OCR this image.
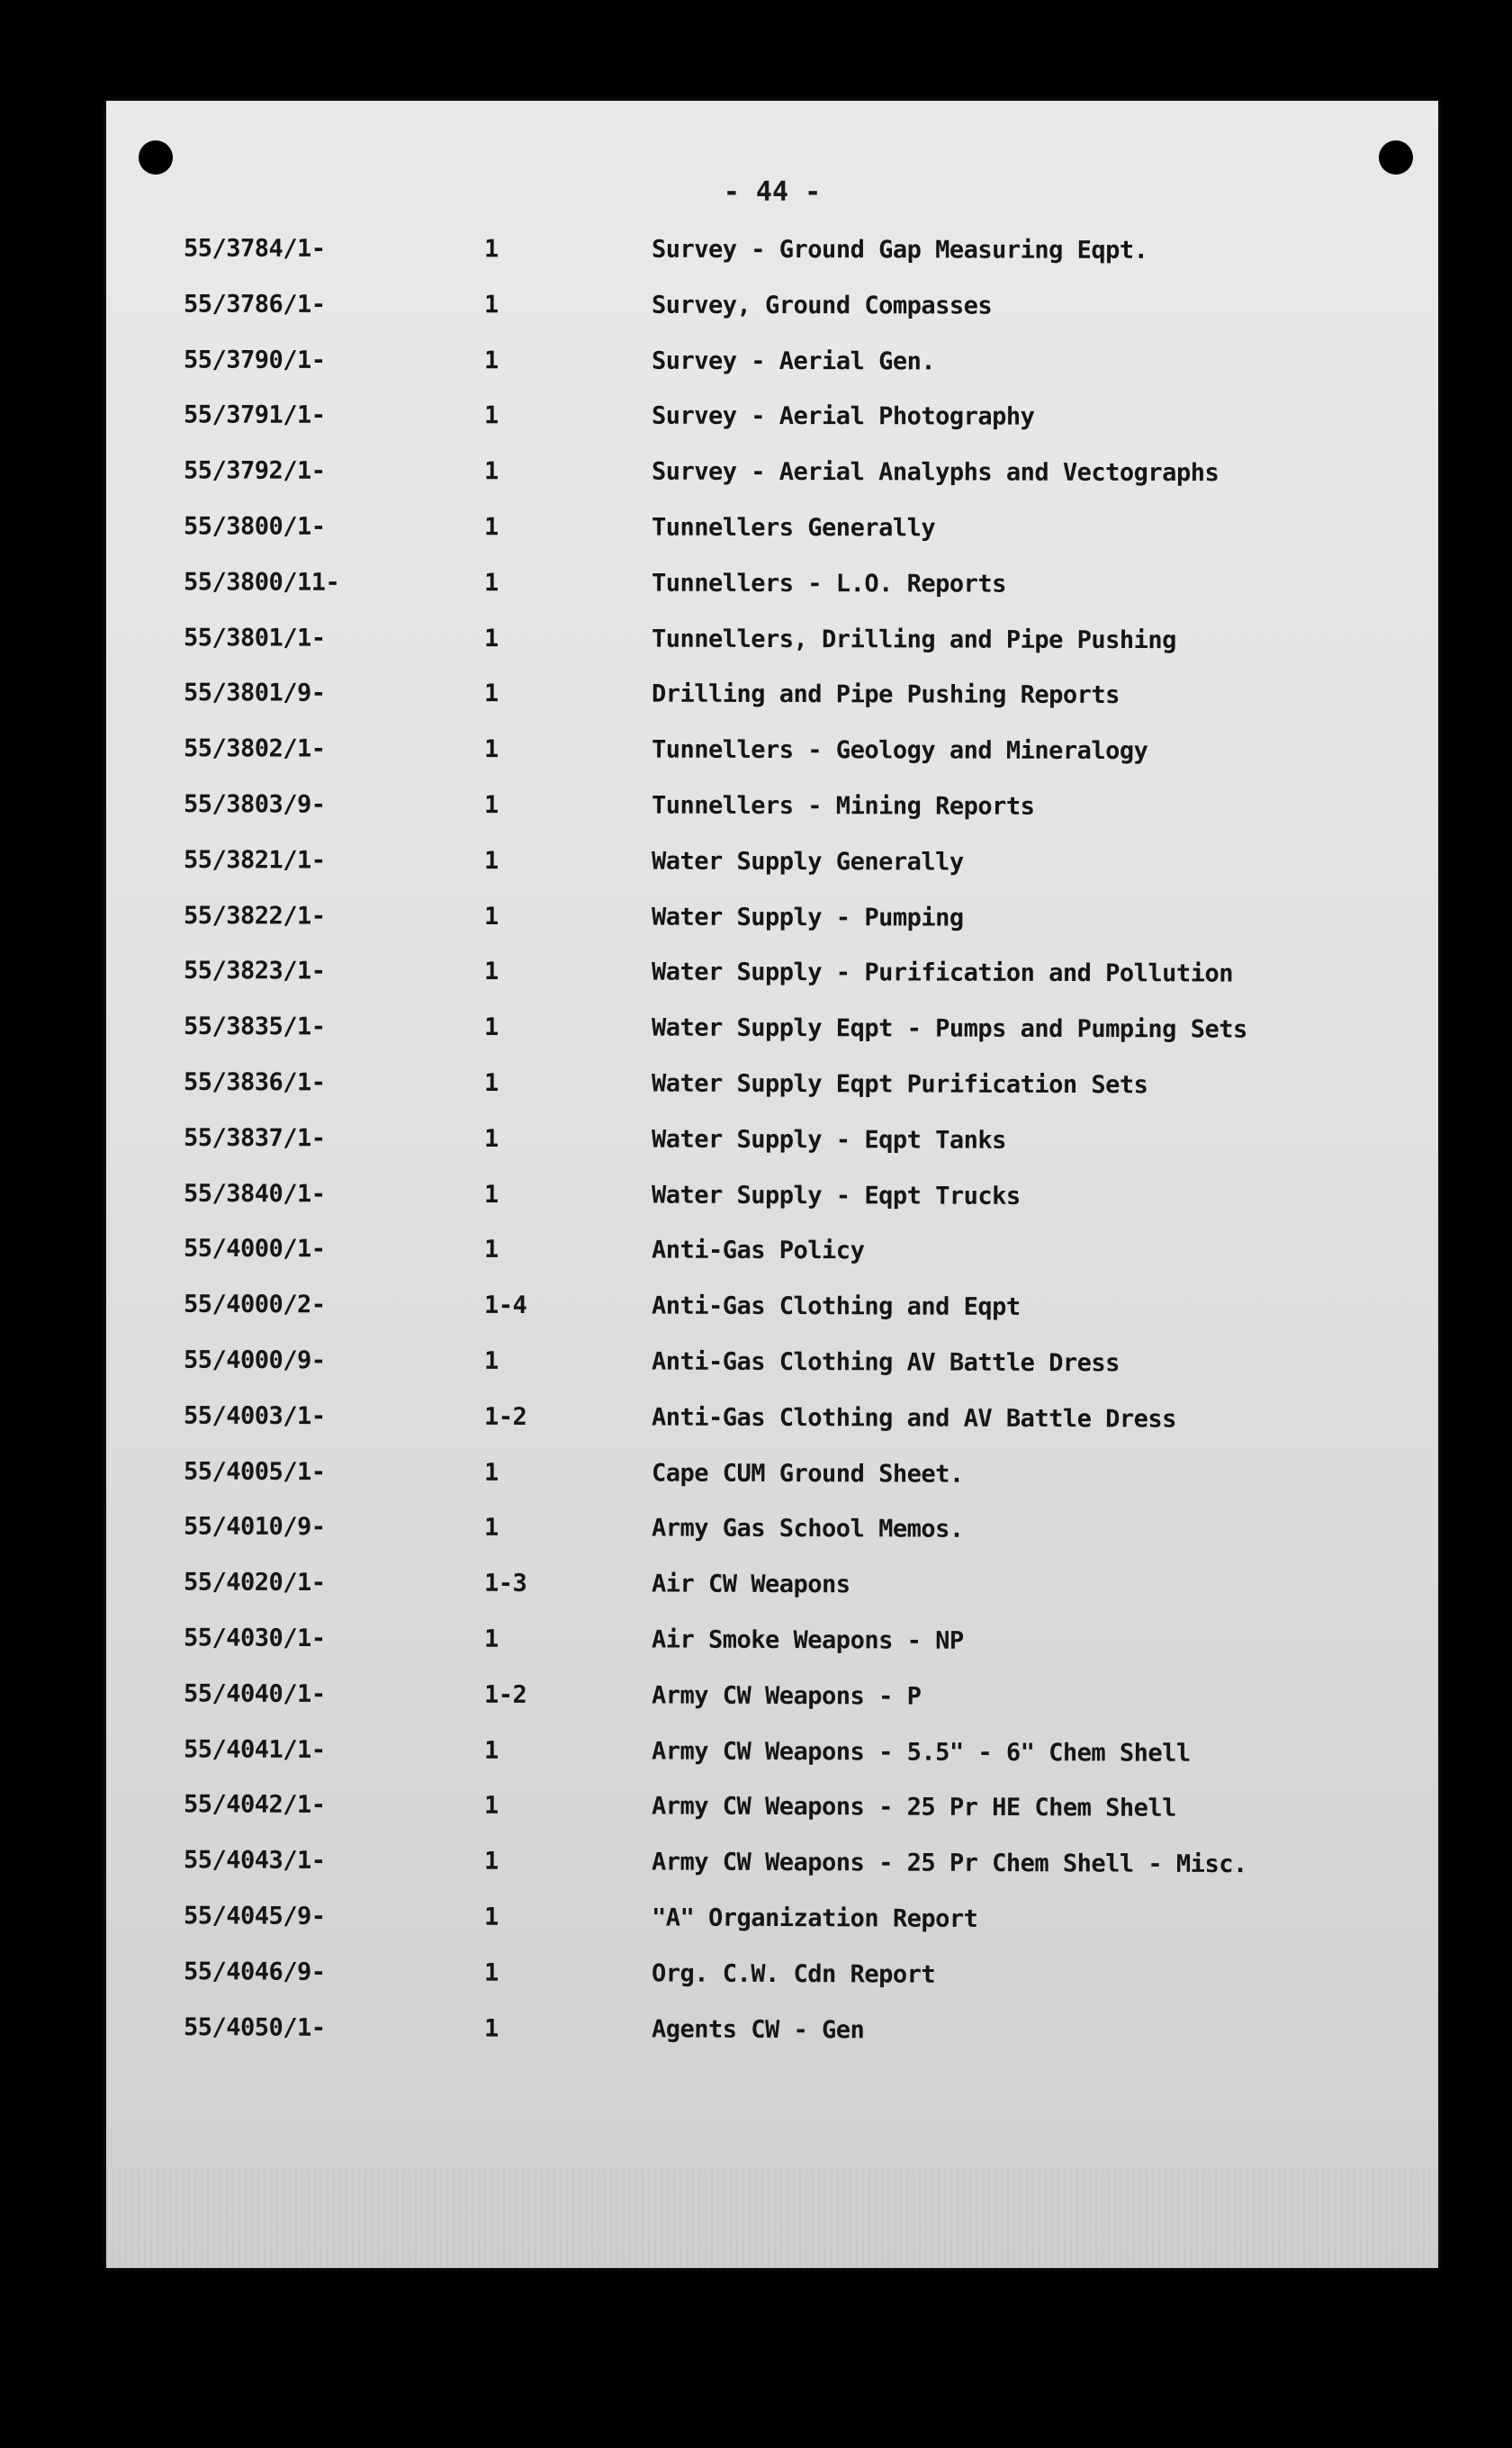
- 44 -
55/3784/1-	1	Survey - Ground Gap Measuring Eqpt.
55/3786/1-	1	Survey, Ground Compasses
55/3790/1-	1	Survey - Aerial Gen.
55/3791/1-	1	Survey - Aerial Photography
55/3792/1-	1	Survey - Aerial Analyphs and Vectographs
55/3800/1-	1	Tunnellers Generally
55/3800/11-	1	Tunnellers - L.O. Reports
55/3801/1-	1	Tunnellers, Drilling and Pipe Pushing
55/3801/9-	1	Drilling and Pipe Pushing Reports
55/3802/1-	1	Tunnellers - Geology and Mineralogy
55/3803/9-	1	Tunnellers - Mining Reports
55/3821/1-	1	Water Supply Generally
55/3822/1-	1	Water Supply - Pumping
55/3823/1-	1	Water Supply - Purification and Pollution
55/3835/1-	1	Water Supply Eqpt - Pumps and Pumping Sets
55/3836/1-	1	Water Supply Eqpt Purification Sets
55/3837/1-	1	Water Supply - Eqpt Tanks
55/3840/1-	1	Water Supply - Eqpt Trucks
55/4000/1-	1	Anti-Gas Policy
55/4000/2-	1-4	Anti-Gas Clothing and Eqpt
55/4000/9-	1	Anti-Gas Clothing AV Battle Dress
55/4003/1-	1-2	Anti-Gas Clothing and AV Battle Dress
55/4005/1-	1	Cape CUM Ground Sheet.
55/4010/9-	1	Army Gas School Memos.
55/4020/1-	1-3	Air CW Weapons
55/4030/1-	1	Air Smoke Weapons - NP
55/4040/1-	1-2	Army CW Weapons - P
55/4041/1-	1	Army CW Weapons - 5.5" - 6" Chem Shell
55/4042/1-	1	Army CW Weapons - 25 Pr HE Chem Shell
55/4043/1-	1	Army CW Weapons - 25 Pr Chem Shell - Misc.
55/4045/9-	1	"A" Organization Report
55/4046/9-	1	Org. C.W. Cdn Report
55/4050/1-	1	Agents CW - Gen
